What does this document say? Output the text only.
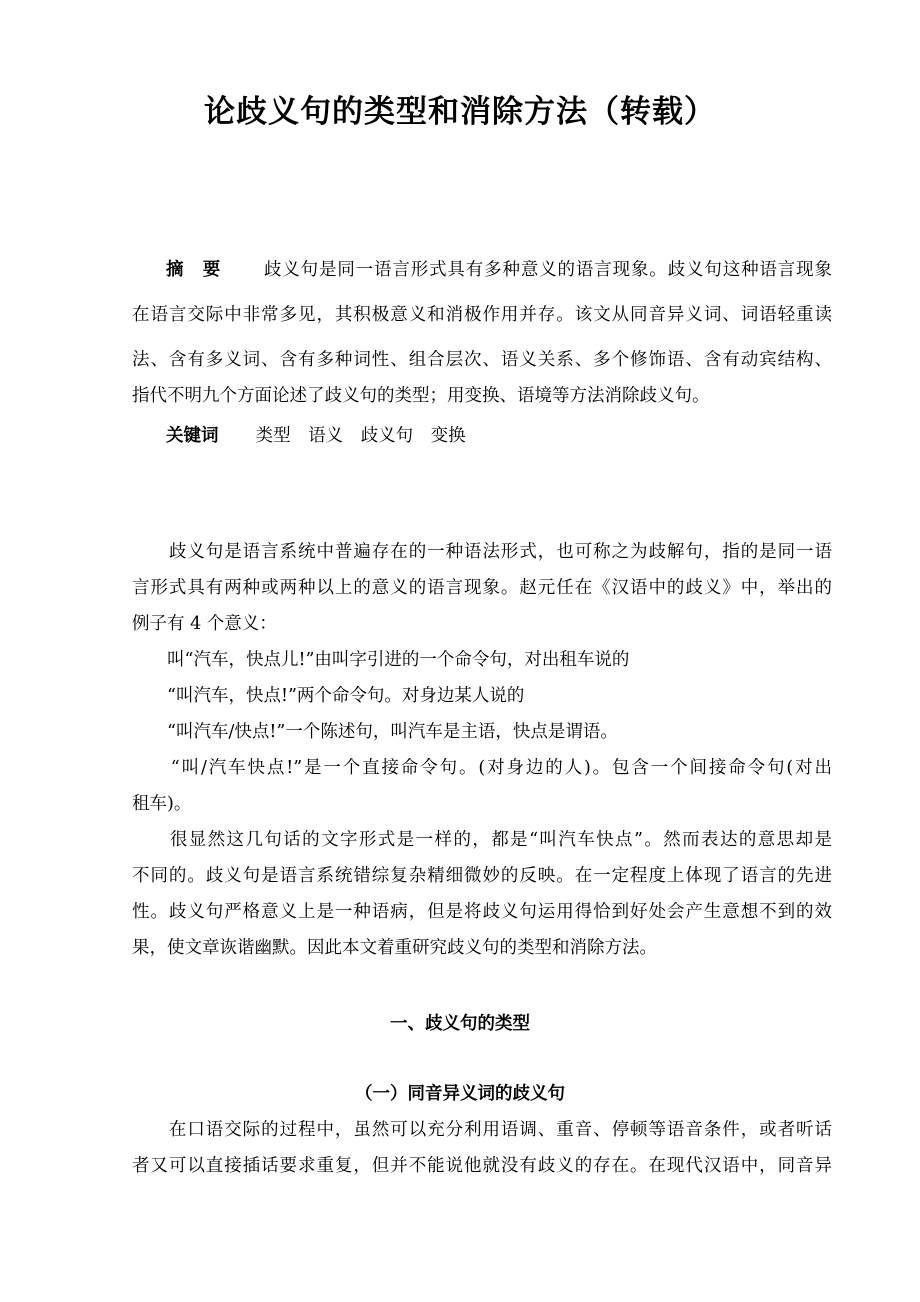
论歧义句的类型和消除方法（转载）
摘　要 歧义句是同一语言形式具有多种意义的语言现象。歧义句这种语言现象
在语言交际中非常多见，其积极意义和消极作用并存。该文从同音异义词、词语轻重读
法、含有多义词、含有多种词性、组合层次、语义关系、多个修饰语、含有动宾结构、
指代不明九个方面论述了歧义句的类型；用变换、语境等方法消除歧义句。
关键词 类型　语义　歧义句　变换
　　歧义句是语言系统中普遍存在的一种语法形式，也可称之为歧解句，指的是同一语
言形式具有两种或两种以上的意义的语言现象。赵元任在《汉语中的歧义》中，举出的
例子有 4 个意义：
　　叫“汽车，快点儿!”由叫字引进的一个命令句，对出租车说的
　　“叫汽车，快点!”两个命令句。对身边某人说的
　　“叫汽车/快点!”一个陈述句，叫汽车是主语，快点是谓语。
　　“叫/汽车快点!”是一个直接命令句。(对身边的人)。包含一个间接命令句(对出
租车)。
　　很显然这几句话的文字形式是一样的，都是“叫汽车快点”。然而表达的意思却是
不同的。歧义句是语言系统错综复杂精细微妙的反映。在一定程度上体现了语言的先进
性。歧义句严格意义上是一种语病，但是将歧义句运用得恰到好处会产生意想不到的效
果，使文章诙谐幽默。因此本文着重研究歧义句的类型和消除方法。
一、歧义句的类型
（一）同音异义词的歧义句
　　在口语交际的过程中，虽然可以充分利用语调、重音、停顿等语音条件，或者听话
者又可以直接插话要求重复，但并不能说他就没有歧义的存在。在现代汉语中，同音异
